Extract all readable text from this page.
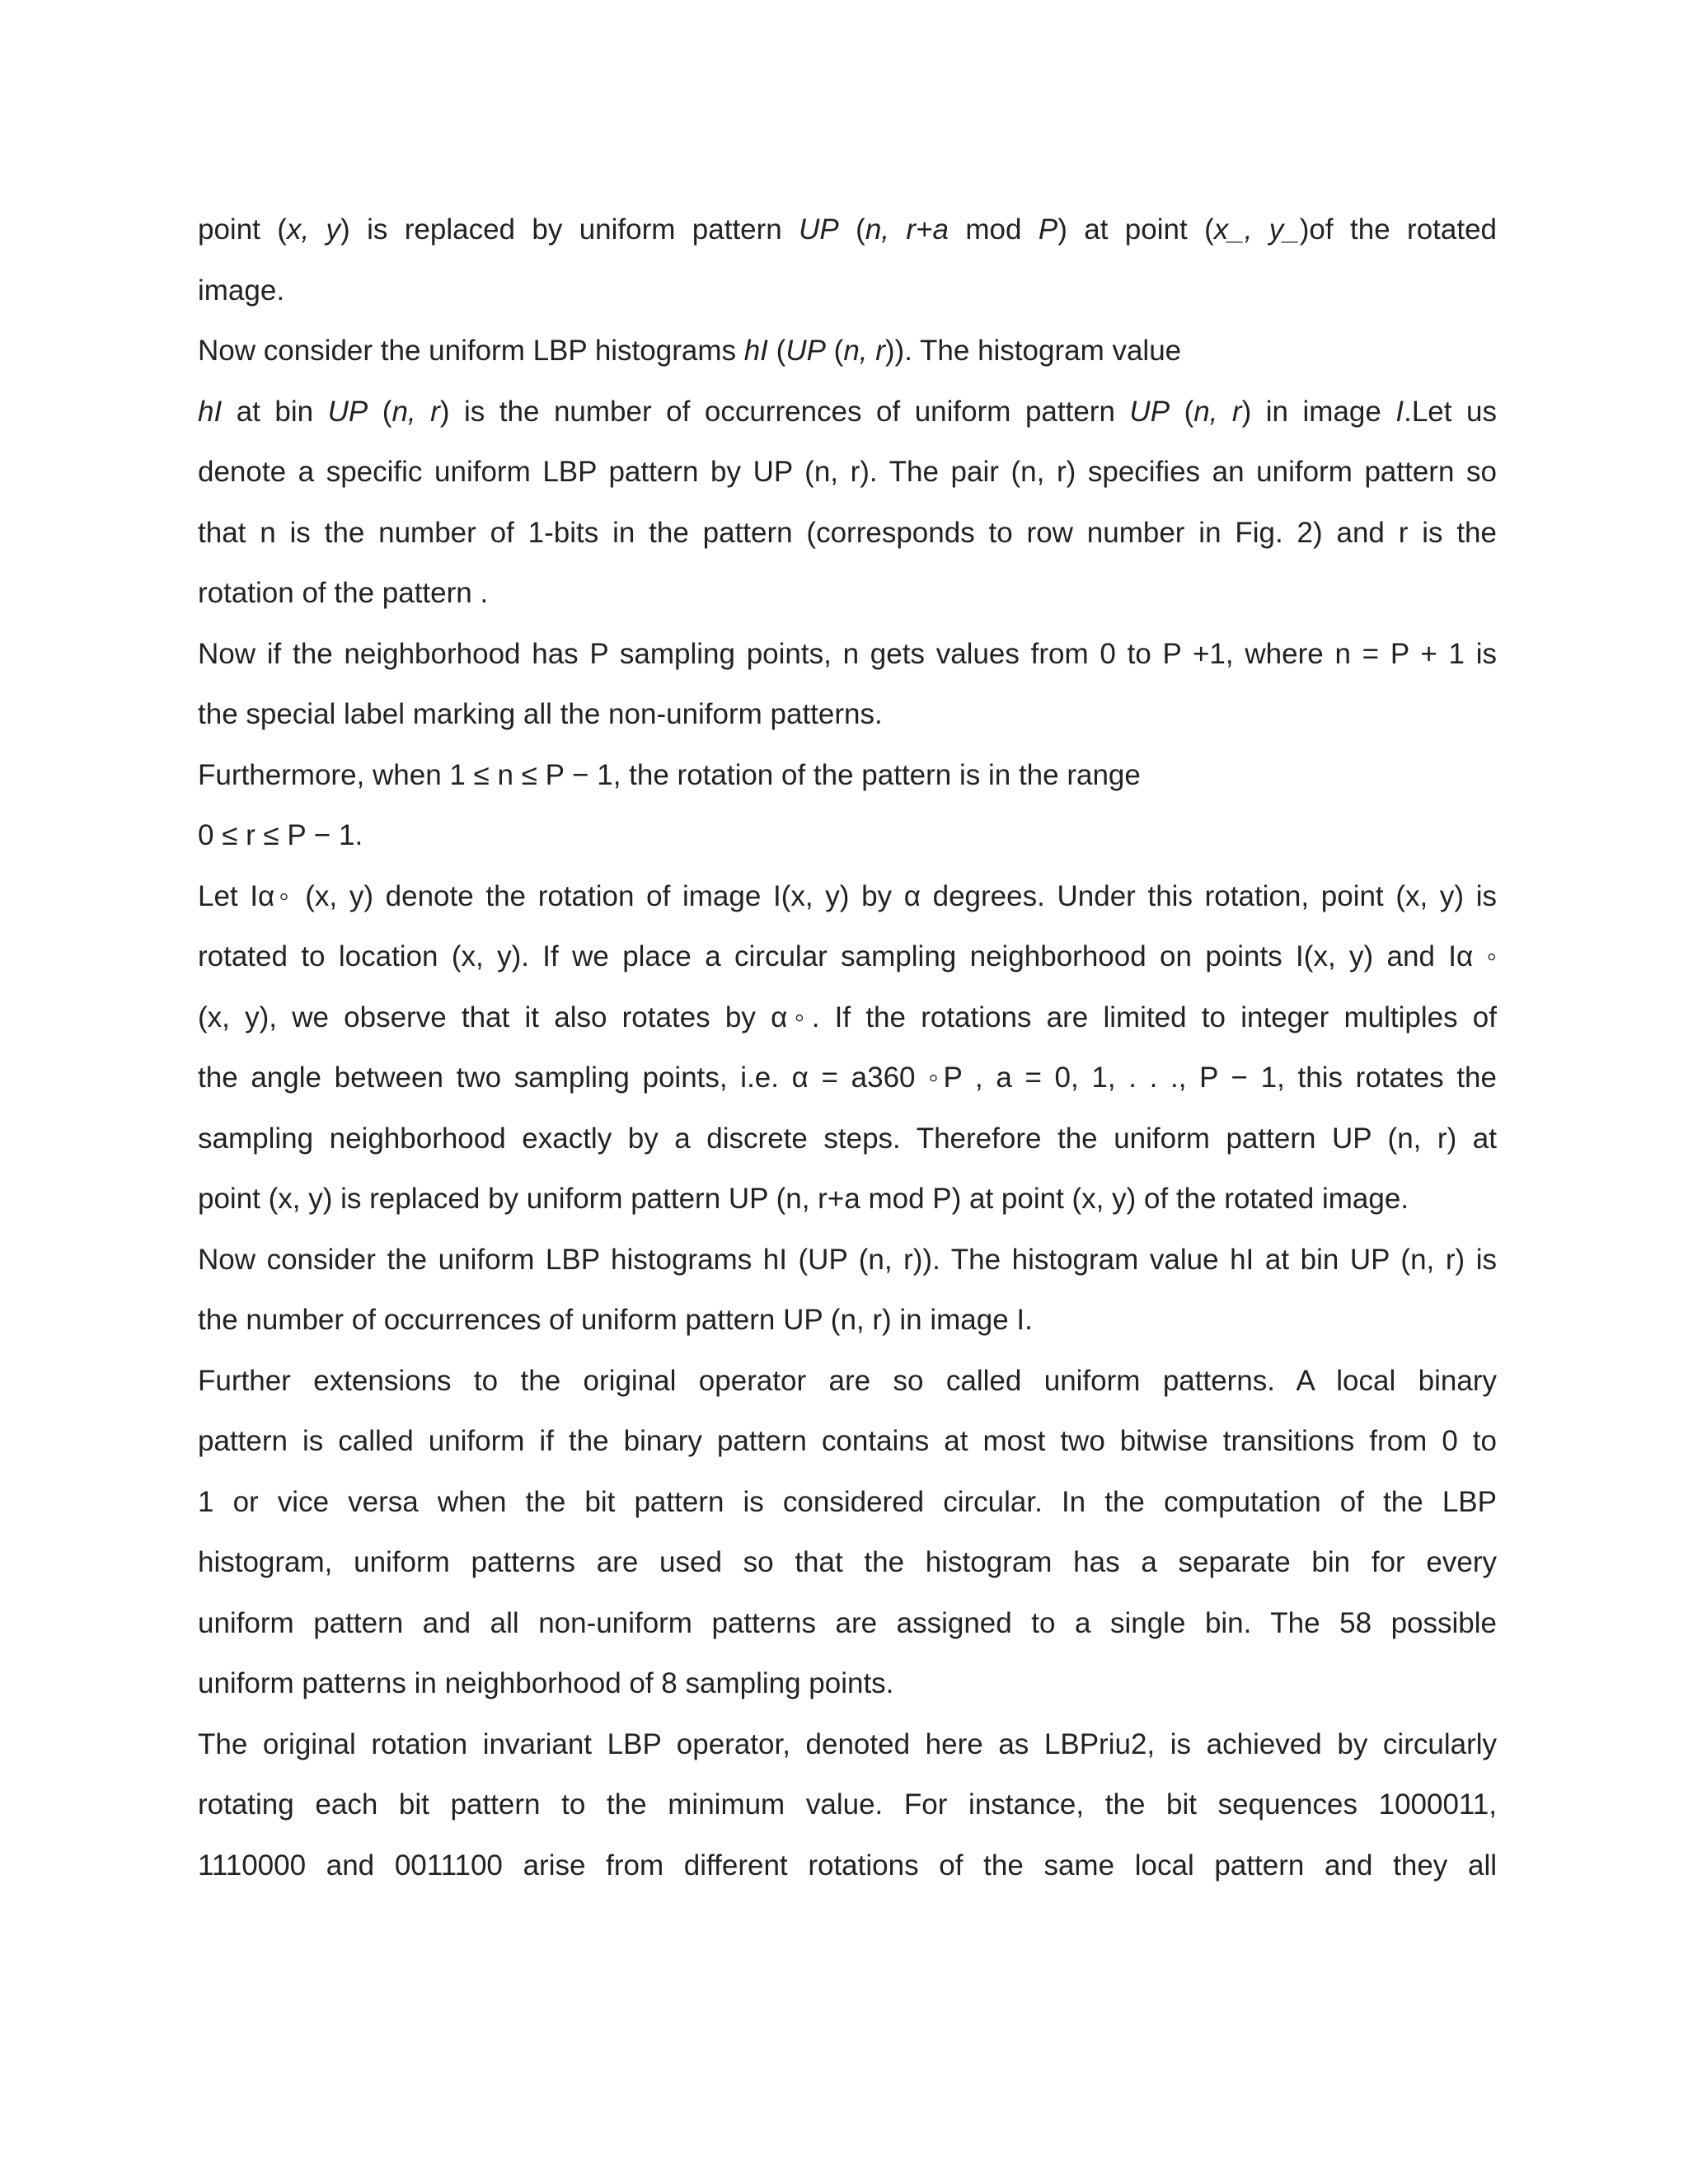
point (x, y) is replaced by uniform pattern UP (n, r+a mod P) at point (x_, y_)of the rotated
image.
Now consider the uniform LBP histograms hI (UP (n, r)). The histogram value
hI at bin UP (n, r) is the number of occurrences of uniform pattern UP (n, r) in image I.Let us
denote a specific uniform LBP pattern by UP (n, r). The pair (n, r) specifies an uniform pattern so
that n is the number of 1-bits in the pattern (corresponds to row number in Fig. 2) and r is the
rotation of the pattern .
Now if the neighborhood has P sampling points, n gets values from 0 to P +1, where n = P + 1 is
the special label marking all the non-uniform patterns.
Furthermore, when 1 ≤ n ≤ P − 1, the rotation of the pattern is in the range
0 ≤ r ≤ P − 1.
Let Iα◦ (x, y) denote the rotation of image I(x, y) by α degrees. Under this rotation, point (x, y) is
rotated to location (x, y). If we place a circular sampling neighborhood on points I(x, y) and Iα ◦
(x, y), we observe that it also rotates by α◦. If the rotations are limited to integer multiples of
the angle between two sampling points, i.e. α = a360 ◦P , a = 0, 1, . . ., P − 1, this rotates the
sampling neighborhood exactly by a discrete steps. Therefore the uniform pattern UP (n, r) at
point (x, y) is replaced by uniform pattern UP (n, r+a mod P) at point (x, y) of the rotated image.
Now consider the uniform LBP histograms hI (UP (n, r)). The histogram value hI at bin UP (n, r) is
the number of occurrences of uniform pattern UP (n, r) in image I.
Further extensions to the original operator are so called uniform patterns. A local binary
pattern is called uniform if the binary pattern contains at most two bitwise transitions from 0 to
1 or vice versa when the bit pattern is considered circular. In the computation of the LBP
histogram, uniform patterns are used so that the histogram has a separate bin for every
uniform pattern and all non-uniform patterns are assigned to a single bin. The 58 possible
uniform patterns in neighborhood of 8 sampling points.
The original rotation invariant LBP operator, denoted here as LBPriu2, is achieved by circularly
rotating each bit pattern to the minimum value. For instance, the bit sequences 1000011,
1110000 and 0011100 arise from different rotations of the same local pattern and they all
